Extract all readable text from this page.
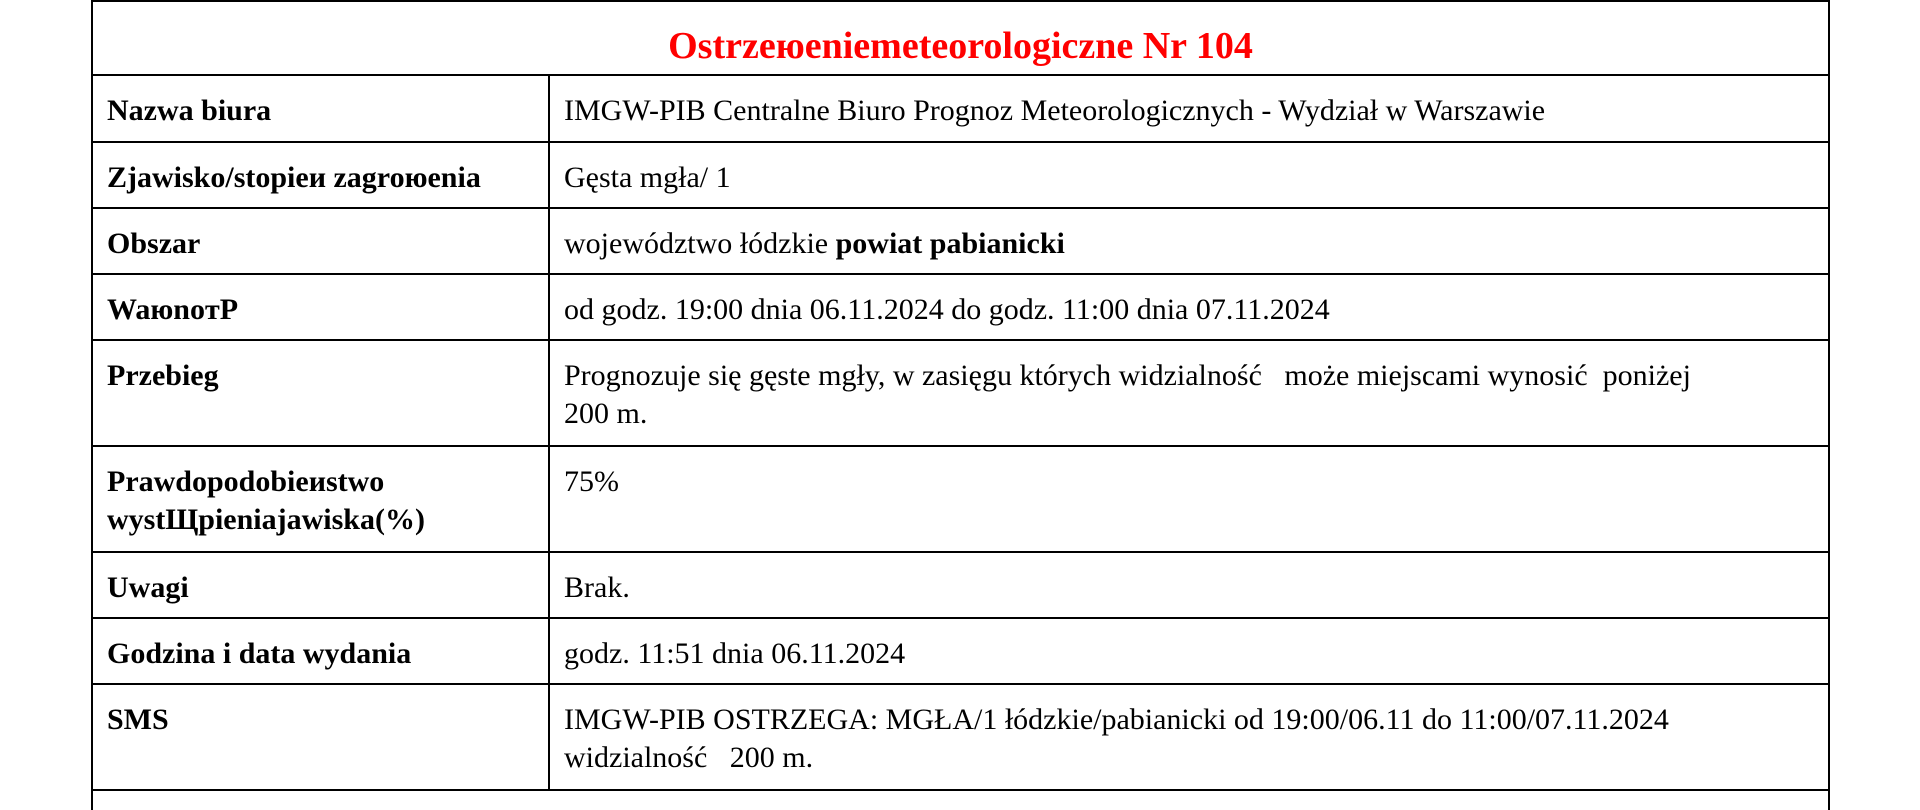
Ostrzeюeniemeteorologiczne Nr 104
Nazwa biura	IMGW-PIB Centralne Biuro Prognoz Meteorologicznych - Wydział w Warszawie

Zjawisko/stopieи zagroюenia	Gęsta mgła/ 1

Obszar	województwo łódzkie powiat pabianicki

WaюnoтР	od godz. 19:00 dnia 06.11.2024 do godz. 11:00 dnia 07.11.2024

Przebieg	Prognozuje się gęste mgły, w zasięgu których widzialność   może miejscami wynosić  poniżej
200 m.

Prawdopodobieиstwo
wystЩpieniаjawiska(%)	75%

Uwagi	Brak.

Godzina i data wydania	godz. 11:51 dnia 06.11.2024

SMS	IMGW-PIB OSTRZEGA: MGŁA/1 łódzkie/pabianicki od 19:00/06.11 do 11:00/07.11.2024
widzialność   200 m.
